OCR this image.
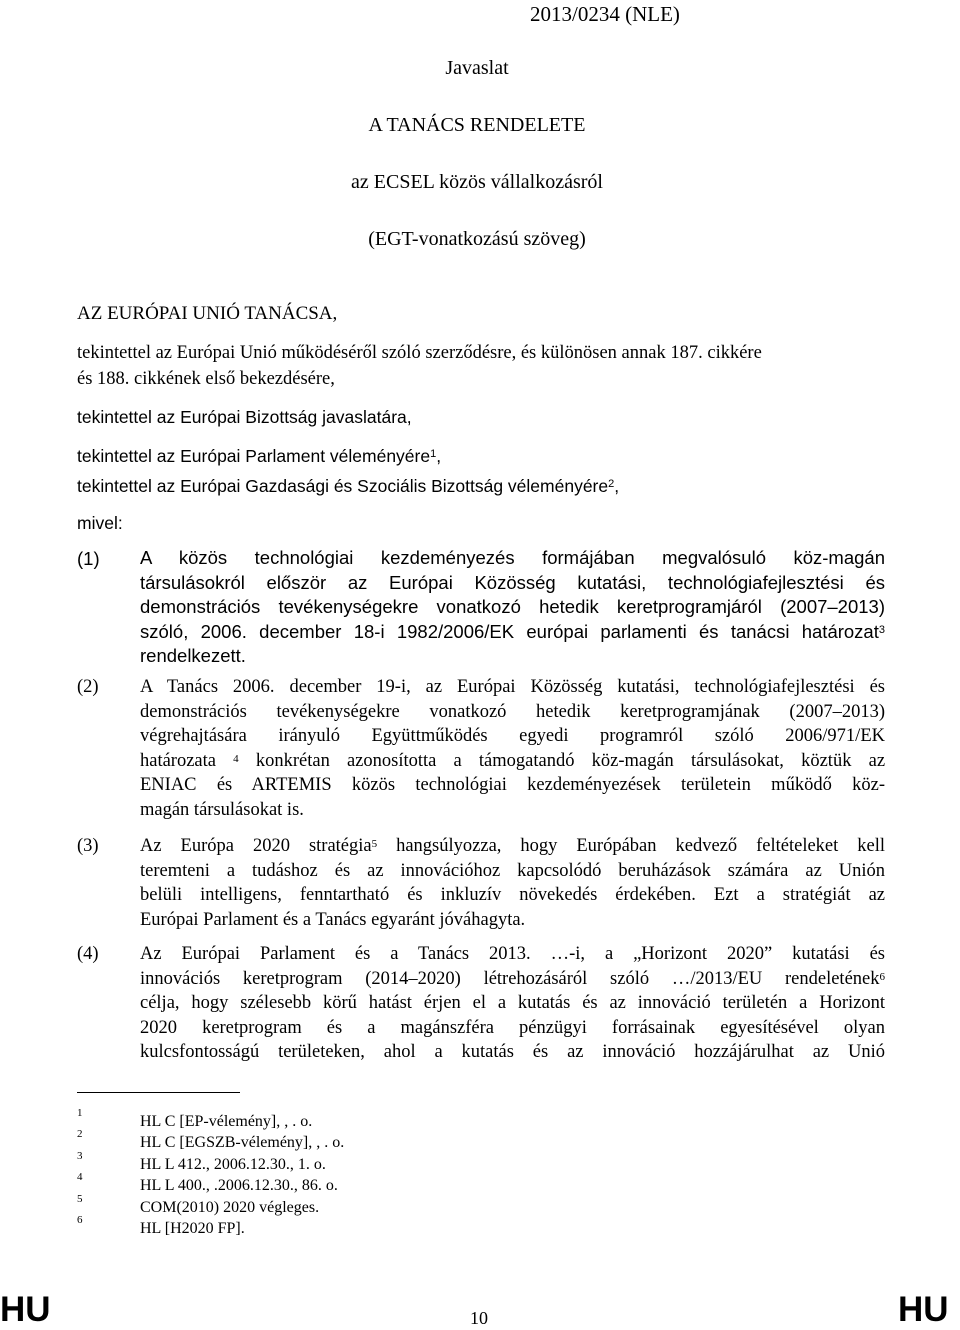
2013/0234 (NLE)
Javaslat
A TANÁCS RENDELETE
az ECSEL közös vállalkozásról
(EGT-vonatkozású szöveg)
AZ EURÓPAI UNIÓ TANÁCSA,
tekintettel az Európai Unió működéséről szóló szerződésre, és különösen annak 187. cikkére
és 188. cikkének első bekezdésére,
tekintettel az Európai Bizottság javaslatára,
tekintettel az Európai Parlament véleményére$^1$,
tekintettel az Európai Gazdasági és Szociális Bizottság véleményére$^2$,
mivel:
(1) A közös technológiai kezdeményezés formájában megvalósuló köz-magán
társulásokról először az Európai Közösség kutatási, technológiafejlesztési és
demonstrációs tevékenységekre vonatkozó hetedik keretprogramjáról (2007–2013)
szóló, 2006. december 18-i 1982/2006/EK európai parlamenti és tanácsi határozat$^3$
rendelkezett.
(2) A Tanács 2006. december 19-i, az Európai Közösség kutatási, technológiafejlesztési és
demonstrációs tevékenységekre vonatkozó hetedik keretprogramjának (2007–2013)
végrehajtására irányuló Együttműködés egyedi programról szóló 2006/971/EK
határozata $^4$ konkrétan azonosította a támogatandó köz-magán társulásokat, köztük az
ENIAC és ARTEMIS közös technológiai kezdeményezések területein működő köz-
magán társulásokat is.
(3) Az Európa 2020 stratégia$^5$ hangsúlyozza, hogy Európában kedvező feltételeket kell
teremteni a tudáshoz és az innovációhoz kapcsolódó beruházások számára az Unión
belüli intelligens, fenntartható és inkluzív növekedés érdekében. Ezt a stratégiát az
Európai Parlament és a Tanács egyaránt jóváhagyta.
(4) Az Európai Parlament és a Tanács 2013. …-i, a „Horizont 2020” kutatási és
innovációs keretprogram (2014–2020) létrehozásáról szóló …/2013/EU rendeletének$^6$
célja, hogy szélesebb körű hatást érjen el a kutatás és az innováció területén a Horizont
2020 keretprogram és a magánszféra pénzügyi forrásainak egyesítésével olyan
kulcsfontosságú területeken, ahol a kutatás és az innováció hozzájárulhat az Unió
1	HL C [EP-vélemény], , . o.
2	HL C [EGSZB-vélemény], , . o.
3	HL L 412., 2006.12.30., 1. o.
4	HL L 400., .2006.12.30., 86. o.
5	COM(2010) 2020 végleges.
6	HL [H2020 FP].
HU	10	HU
